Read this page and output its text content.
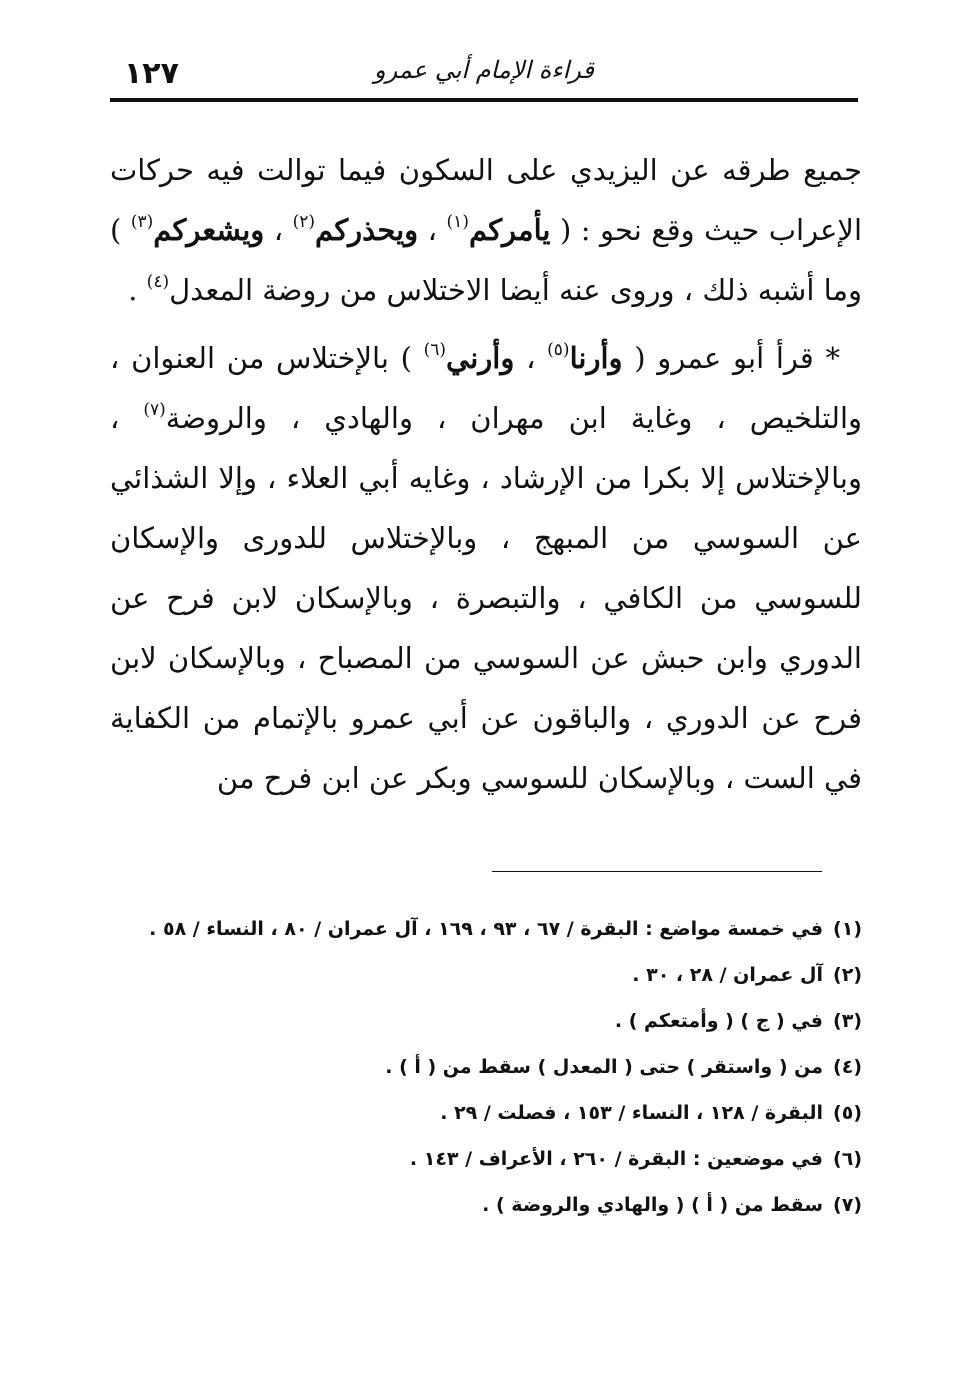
١٢٧	قراءة الإمام أبي عمرو

جميع طرقه عن اليزيدي على السكون فيما توالت فيه حركات الإعراب حيث وقع نحو : ( يأمركم$^{(١)}$ ، ويحذركم$^{(٢)}$ ، ويشعركم$^{(٣)}$ ) وما أشبه ذلك ، وروى عنه أيضا الاختلاس من روضة المعدل$^{(٤)}$ .

* قرأ أبو عمرو ( وأرنا$^{(٥)}$ ، وأرني$^{(٦)}$ ) بالإختلاس من العنوان ، والتلخيص ، وغاية ابن مهران ، والهادي ، والروضة$^{(٧)}$ ، وبالإختلاس إلا بكرا من الإرشاد ، وغايه أبي العلاء ، وإلا الشذائي عن السوسي من المبهج ، وبالإختلاس للدورى والإسكان للسوسي من الكافي ، والتبصرة ، وبالإسكان لابن فرح عن الدوري وابن حبش عن السوسي من المصباح ، وبالإسكان لابن فرح عن الدوري ، والباقون عن أبي عمرو بالإتمام من الكفاية في الست ، وبالإسكان للسوسي وبكر عن ابن فرح من

(١)في خمسة مواضع : البقرة / ٦٧ ، ٩٣ ، ١٦٩ ، آل عمران / ٨٠ ، النساء / ٥٨ .
(٢)آل عمران / ٢٨ ، ٣٠ .
(٣)في ( ج ) ( وأمتعكم ) .
(٤)من ( واستقر ) حتى ( المعدل ) سقط من ( أ ) .
(٥)البقرة / ١٢٨ ، النساء / ١٥٣ ، فصلت / ٢٩ .
(٦)في موضعين : البقرة / ٢٦٠ ، الأعراف / ١٤٣ .
(٧)سقط من ( أ ) ( والهادي والروضة ) .
